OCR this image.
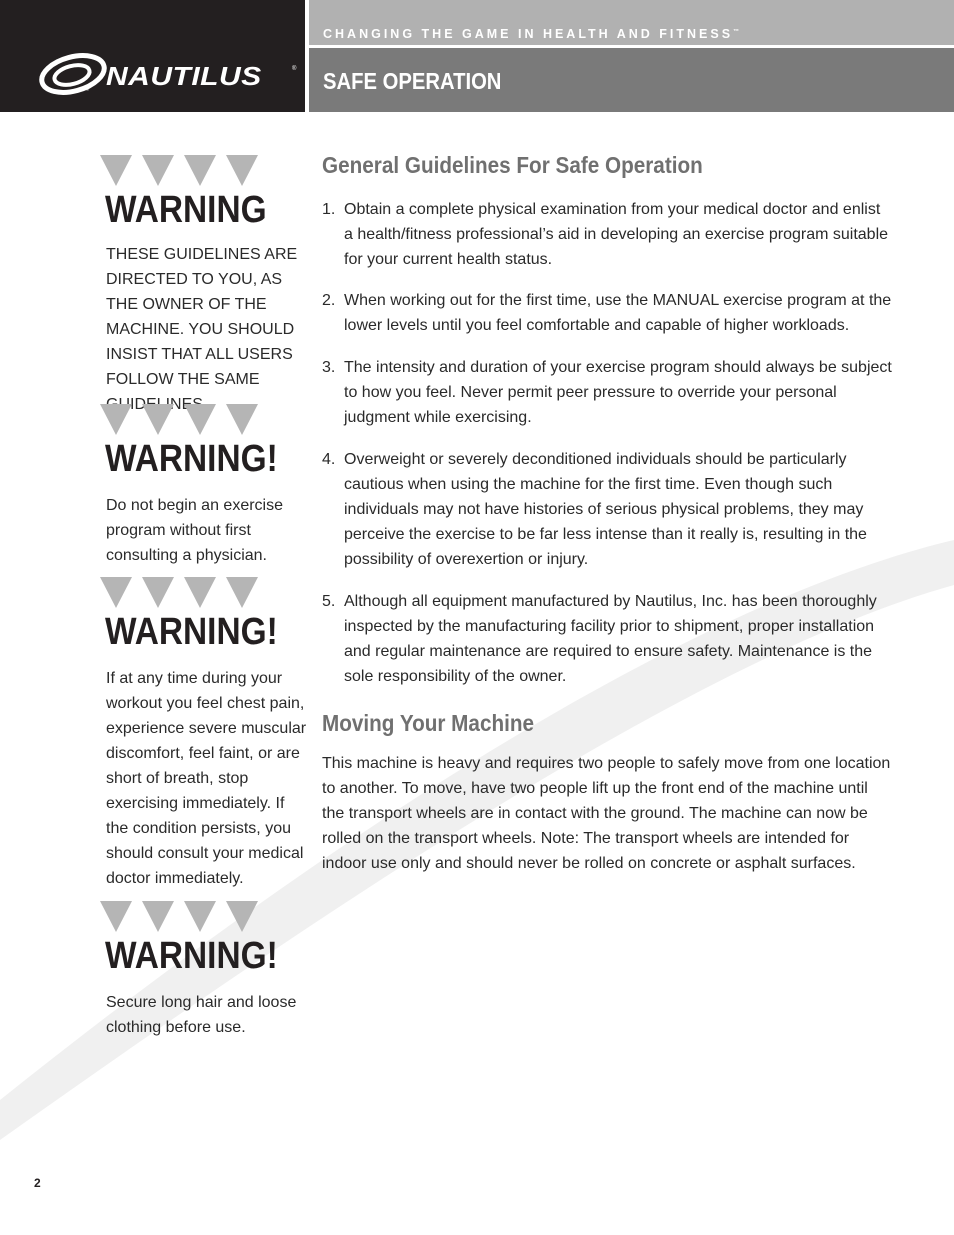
™ NAUTILUS	®
CHANGING THE GAME IN HEALTH AND FITNESS™
SAFE OPERATION
WARNING
THESE GUIDELINES ARE DIRECTED TO YOU, AS THE OWNER OF THE MACHINE. YOU SHOULD INSIST THAT ALL USERS FOLLOW THE SAME
WARNING!
Do not begin an exercise program without first consulting a physician.
WARNING!
If at any time during your workout you feel chest pain, experience severe muscular discomfort, feel faint, or are short of breath, stop exercising immediately. If the condition persists, you should consult your medical doctor immediately.
WARNING!
Secure long hair and loose clothing before use.
General Guidelines For Safe Operation
1. Obtain a complete physical examination from your medical doctor and enlist a health/fitness professional’s aid in developing an exercise program suitable for your current health status.
2. When working out for the first time, use the MANUAL exercise program at the lower levels until you feel comfortable and capable of higher workloads.
3. The intensity and duration of your exercise program should always be subject to how you feel. Never permit peer pressure to override your personal judgment while exercising.
4. Overweight or severely deconditioned individuals should be particularly cautious when using the machine for the first time. Even though such individuals may not have histories of serious physical problems, they may perceive the exercise to be far less intense than it really is, resulting in the possibility of overexertion or injury.
5. Although all equipment manufactured by Nautilus, Inc. has been thoroughly inspected by the manufacturing facility prior to shipment, proper installation and regular maintenance are required to ensure safety. Maintenance is the sole responsibility of the owner.
Moving Your Machine

This machine is heavy and requires two people to safely move from one location to another. To move, have two people lift up the front end of the machine until the transport wheels are in contact with the ground. The machine can now be rolled on the transport wheels. Note: The transport wheels are intended for indoor use only and should never be rolled on concrete or asphalt surfaces.

2
